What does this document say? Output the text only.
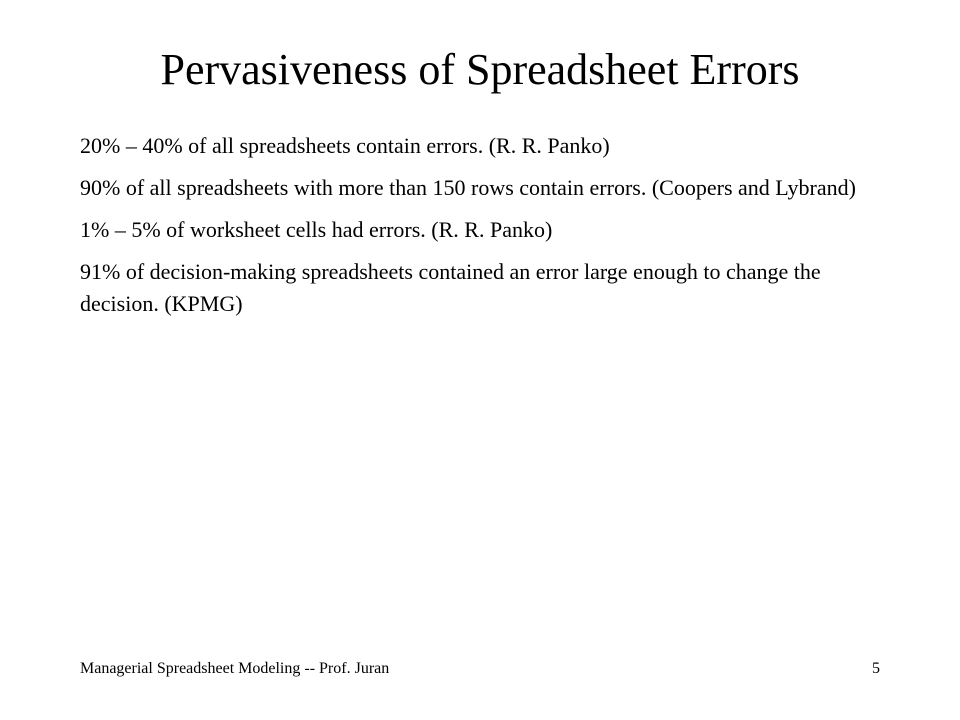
Pervasiveness of Spreadsheet Errors
20% – 40% of all spreadsheets contain errors. (R. R. Panko)
90% of all spreadsheets with more than 150 rows contain errors. (Coopers and Lybrand)
1% – 5% of worksheet cells had errors. (R. R. Panko)
91% of decision-making spreadsheets contained an error large enough to change the decision. (KPMG)
Managerial Spreadsheet Modeling -- Prof. Juran	5
